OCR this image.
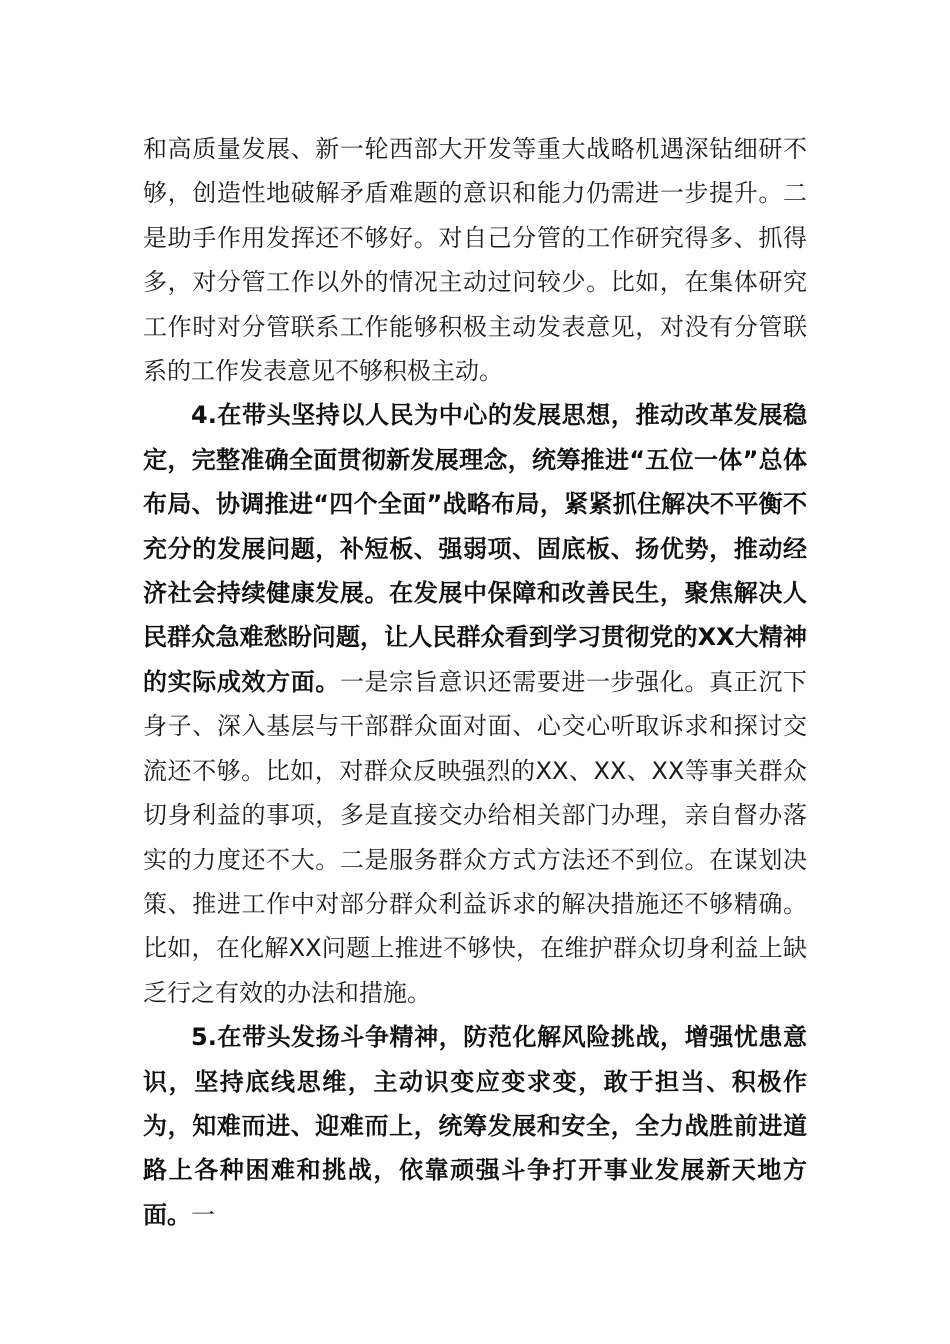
和高质量发展、新一轮西部大开发等重大战略机遇深钻细研不够，创造性地破解矛盾难题的意识和能力仍需进一步提升。二是助手作用发挥还不够好。对自己分管的工作研究得多、抓得多，对分管工作以外的情况主动过问较少。比如，在集体研究工作时对分管联系工作能够积极主动发表意见，对没有分管联系的工作发表意见不够积极主动。

4.在带头坚持以人民为中心的发展思想，推动改革发展稳定，完整准确全面贯彻新发展理念，统筹推进“五位一体”总体布局、协调推进“四个全面”战略布局，紧紧抓住解决不平衡不充分的发展问题，补短板、强弱项、固底板、扬优势，推动经济社会持续健康发展。在发展中保障和改善民生，聚焦解决人民群众急难愁盼问题，让人民群众看到学习贯彻党的XX大精神的实际成效方面。一是宗旨意识还需要进一步强化。真正沉下身子、深入基层与干部群众面对面、心交心听取诉求和探讨交流还不够。比如，对群众反映强烈的XX、XX、XX等事关群众切身利益的事项，多是直接交办给相关部门办理，亲自督办落实的力度还不大。二是服务群众方式方法还不到位。在谋划决策、推进工作中对部分群众利益诉求的解决措施还不够精确。比如，在化解XX问题上推进不够快，在维护群众切身利益上缺乏行之有效的办法和措施。

5.在带头发扬斗争精神，防范化解风险挑战，增强忧患意识，坚持底线思维，主动识变应变求变，敢于担当、积极作为，知难而进、迎难而上，统筹发展和安全，全力战胜前进道路上各种困难和挑战，依靠顽强斗争打开事业发展新天地方面。一
